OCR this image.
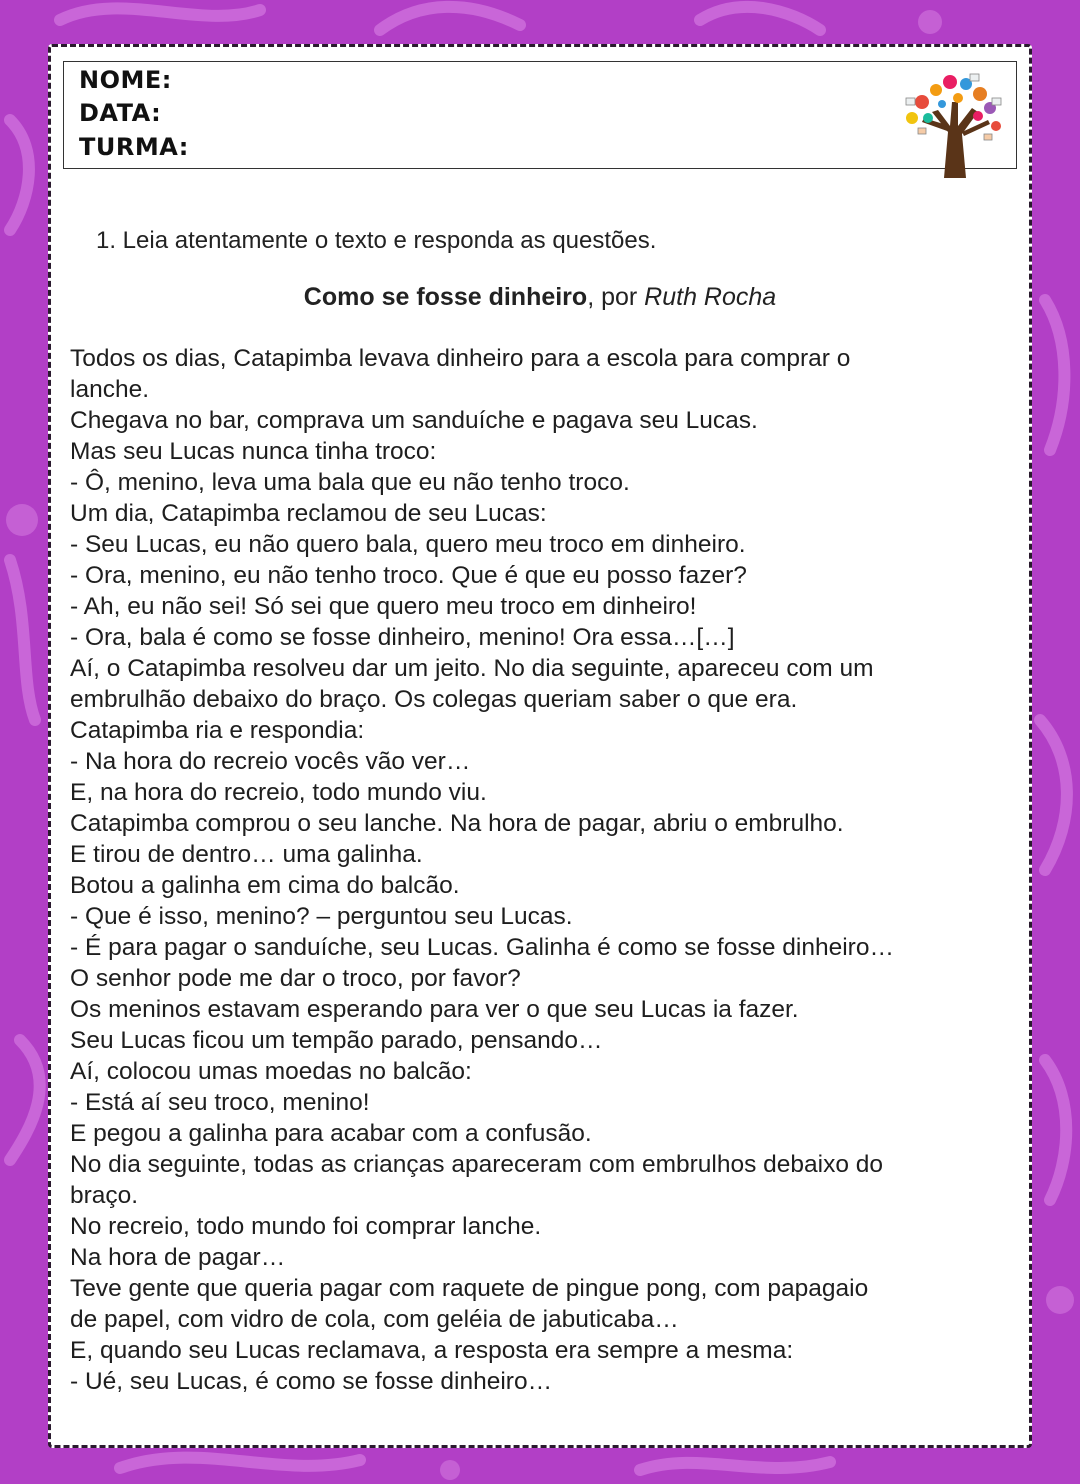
NOME:
DATA:
TURMA:
1. Leia atentamente o texto e responda as questões.
Como se fosse dinheiro, por Ruth Rocha
Todos os dias, Catapimba levava dinheiro para a escola para comprar o
lanche.
Chegava no bar, comprava um sanduíche e pagava seu Lucas.
Mas seu Lucas nunca tinha troco:
- Ô, menino, leva uma bala que eu não tenho troco.
Um dia, Catapimba reclamou de seu Lucas:
- Seu Lucas, eu não quero bala, quero meu troco em dinheiro.
- Ora, menino, eu não tenho troco. Que é que eu posso fazer?
- Ah, eu não sei! Só sei que quero meu troco em dinheiro!
- Ora, bala é como se fosse dinheiro, menino! Ora essa…[…]
Aí, o Catapimba resolveu dar um jeito. No dia seguinte, apareceu com um
embrulhão debaixo do braço. Os colegas queriam saber o que era.
Catapimba ria e respondia:
- Na hora do recreio vocês vão ver…
E, na hora do recreio, todo mundo viu.
Catapimba comprou o seu lanche. Na hora de pagar, abriu o embrulho.
E tirou de dentro… uma galinha.
Botou a galinha em cima do balcão.
- Que é isso, menino? – perguntou seu Lucas.
- É para pagar o sanduíche, seu Lucas. Galinha é como se fosse dinheiro…
O senhor pode me dar o troco, por favor?
Os meninos estavam esperando para ver o que seu Lucas ia fazer.
Seu Lucas ficou um tempão parado, pensando…
Aí, colocou umas moedas no balcão:
- Está aí seu troco, menino!
E pegou a galinha para acabar com a confusão.
No dia seguinte, todas as crianças apareceram com embrulhos debaixo do
braço.
No recreio, todo mundo foi comprar lanche.
Na hora de pagar…
Teve gente que queria pagar com raquete de pingue pong, com papagaio
de papel, com vidro de cola, com geléia de jabuticaba…
E, quando seu Lucas reclamava, a resposta era sempre a mesma:
- Ué, seu Lucas, é como se fosse dinheiro…
